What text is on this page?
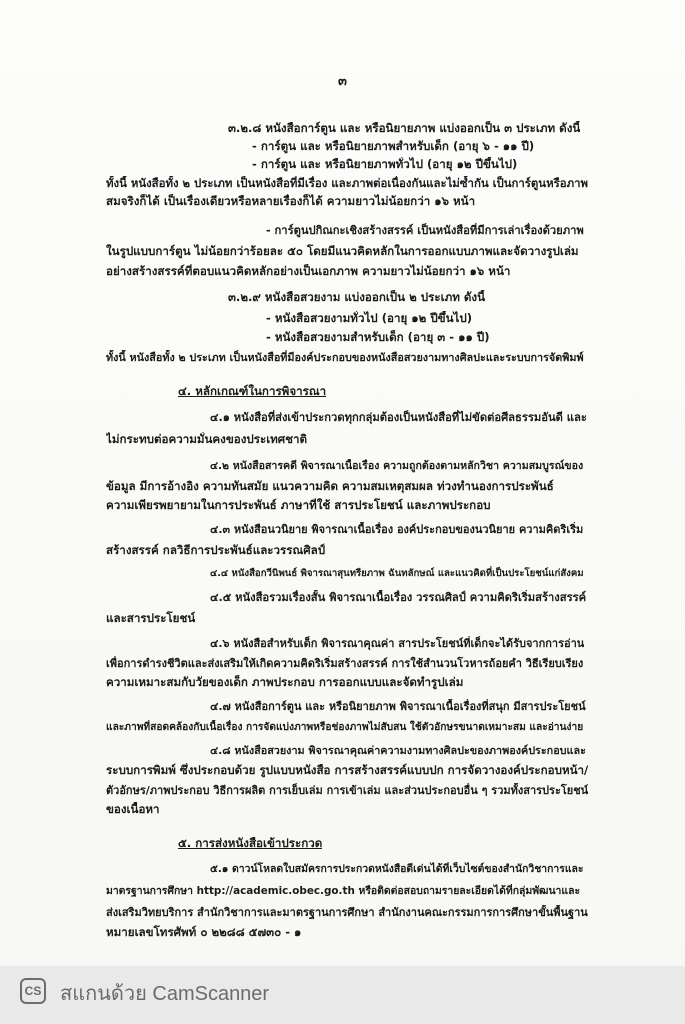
๓
๓.๒.๘ หนังสือการ์ตูน และ หรือนิยายภาพ แบ่งออกเป็น ๓ ประเภท ดังนี้
- การ์ตูน และ หรือนิยายภาพสำหรับเด็ก (อายุ ๖ - ๑๑ ปี)
- การ์ตูน และ หรือนิยายภาพทั่วไป (อายุ ๑๒ ปีขึ้นไป)
ทั้งนี้ หนังสือทั้ง ๒ ประเภท เป็นหนังสือที่มีเรื่อง และภาพต่อเนื่องกันและไม่ซ้ำกัน เป็นการ์ตูนหรือภาพ
สมจริงก็ได้ เป็นเรื่องเดียวหรือหลายเรื่องก็ได้ ความยาวไม่น้อยกว่า ๑๖ หน้า
- การ์ตูนปกิณกะเชิงสร้างสรรค์ เป็นหนังสือที่มีการเล่าเรื่องด้วยภาพ
ในรูปแบบการ์ตูน ไม่น้อยกว่าร้อยละ ๕๐ โดยมีแนวคิดหลักในการออกแบบภาพและจัดวางรูปเล่ม
อย่างสร้างสรรค์ที่ตอบแนวคิดหลักอย่างเป็นเอกภาพ ความยาวไม่น้อยกว่า ๑๖ หน้า
๓.๒.๙ หนังสือสวยงาม แบ่งออกเป็น ๒ ประเภท ดังนี้
- หนังสือสวยงามทั่วไป (อายุ ๑๒ ปีขึ้นไป)
- หนังสือสวยงามสำหรับเด็ก (อายุ ๓ - ๑๑ ปี)
ทั้งนี้ หนังสือทั้ง ๒ ประเภท เป็นหนังสือที่มีองค์ประกอบของหนังสือสวยงามทางศิลปะและระบบการจัดพิมพ์
๔. หลักเกณฑ์ในการพิจารณา
๔.๑ หนังสือที่ส่งเข้าประกวดทุกกลุ่มต้องเป็นหนังสือที่ไม่ขัดต่อศีลธรรมอันดี และ
ไม่กระทบต่อความมั่นคงของประเทศชาติ
๔.๒ หนังสือสารคดี พิจารณาเนื้อเรื่อง ความถูกต้องตามหลักวิชา ความสมบูรณ์ของ
ข้อมูล มีการอ้างอิง ความทันสมัย แนวความคิด ความสมเหตุสมผล ท่วงทำนองการประพันธ์
ความเพียรพยายามในการประพันธ์ ภาษาที่ใช้ สารประโยชน์ และภาพประกอบ
๔.๓ หนังสือนวนิยาย พิจารณาเนื้อเรื่อง องค์ประกอบของนวนิยาย ความคิดริเริ่ม
สร้างสรรค์ กลวิธีการประพันธ์และวรรณศิลป์
๔.๔ หนังสือกวีนิพนธ์ พิจารณาสุนทรียภาพ ฉันทลักษณ์ และแนวคิดที่เป็นประโยชน์แก่สังคม
๔.๕ หนังสือรวมเรื่องสั้น พิจารณาเนื้อเรื่อง วรรณศิลป์ ความคิดริเริ่มสร้างสรรค์
และสารประโยชน์
๔.๖ หนังสือสำหรับเด็ก พิจารณาคุณค่า สารประโยชน์ที่เด็กจะได้รับจากการอ่าน
เพื่อการดำรงชีวิตและส่งเสริมให้เกิดความคิดริเริ่มสร้างสรรค์ การใช้สำนวนโวหารถ้อยคำ วิธีเรียบเรียง
ความเหมาะสมกับวัยของเด็ก ภาพประกอบ การออกแบบและจัดทำรูปเล่ม
๔.๗ หนังสือการ์ตูน และ หรือนิยายภาพ พิจารณาเนื้อเรื่องที่สนุก มีสารประโยชน์
และภาพที่สอดคล้องกับเนื้อเรื่อง การจัดแบ่งภาพหรือช่องภาพไม่สับสน ใช้ตัวอักษรขนาดเหมาะสม และอ่านง่าย
๔.๘ หนังสือสวยงาม พิจารณาคุณค่าความงามทางศิลปะของภาพองค์ประกอบและ
ระบบการพิมพ์ ซึ่งประกอบด้วย รูปแบบหนังสือ การสร้างสรรค์แบบปก การจัดวางองค์ประกอบหน้า/
ตัวอักษร/ภาพประกอบ วิธีการผลิต การเย็บเล่ม การเข้าเล่ม และส่วนประกอบอื่น ๆ รวมทั้งสารประโยชน์
ของเนื้อหา
๕. การส่งหนังสือเข้าประกวด
๕.๑ ดาวน์โหลดใบสมัครการประกวดหนังสือดีเด่นได้ที่เว็บไซต์ของสำนักวิชาการและ
มาตรฐานการศึกษา http://academic.obec.go.th หรือติดต่อสอบถามรายละเอียดได้ที่กลุ่มพัฒนาและ
ส่งเสริมวิทยบริการ สำนักวิชาการและมาตรฐานการศึกษา สำนักงานคณะกรรมการการศึกษาขั้นพื้นฐาน
หมายเลขโทรศัพท์ ๐ ๒๒๘๘ ๕๗๓๐ - ๑
CS สแกนด้วย CamScanner
